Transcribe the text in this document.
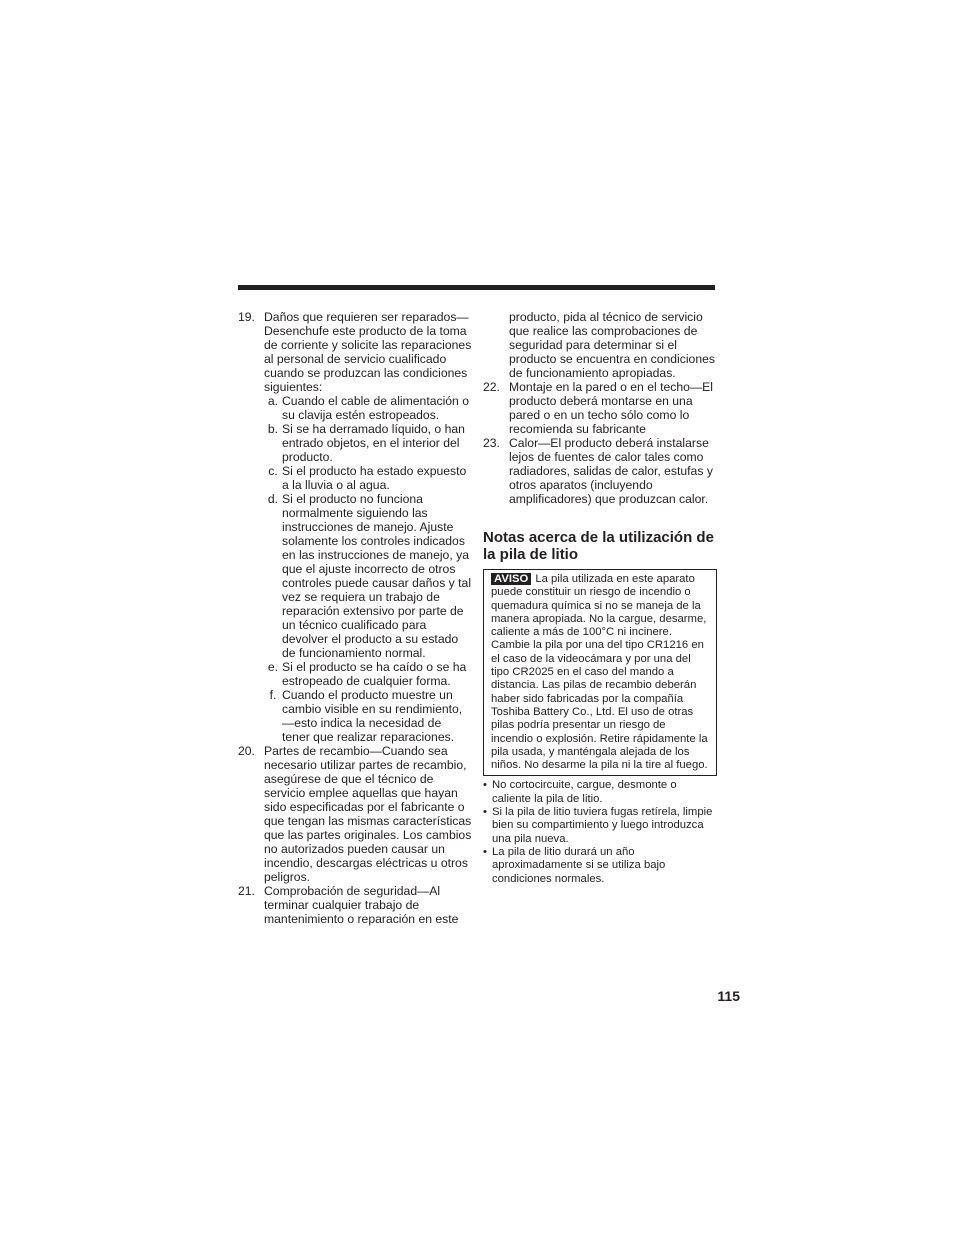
19. Daños que requieren ser reparados—Desenchufe este producto de la toma de corriente y solicite las reparaciones al personal de servicio cualificado cuando se produzcan las condiciones siguientes:
a. Cuando el cable de alimentación o su clavija estén estropeados.
b. Si se ha derramado líquido, o han entrado objetos, en el interior del producto.
c. Si el producto ha estado expuesto a la lluvia o al agua.
d. Si el producto no funciona normalmente siguiendo las instrucciones de manejo. Ajuste solamente los controles indicados en las instrucciones de manejo, ya que el ajuste incorrecto de otros controles puede causar daños y tal vez se requiera un trabajo de reparación extensivo por parte de un técnico cualificado para devolver el producto a su estado de funcionamiento normal.
e. Si el producto se ha caído o se ha estropeado de cualquier forma.
f. Cuando el producto muestre un cambio visible en su rendimiento,—esto indica la necesidad de tener que realizar reparaciones.
20. Partes de recambio—Cuando sea necesario utilizar partes de recambio, asegúrese de que el técnico de servicio emplee aquellas que hayan sido especificadas por el fabricante o que tengan las mismas características que las partes originales. Los cambios no autorizados pueden causar un incendio, descargas eléctricas u otros peligros.
21. Comprobación de seguridad—Al terminar cualquier trabajo de mantenimiento o reparación en este
producto, pida al técnico de servicio que realice las comprobaciones de seguridad para determinar si el producto se encuentra en condiciones de funcionamiento apropiadas.
22. Montaje en la pared o en el techo—El producto deberá montarse en una pared o en un techo sólo como lo recomienda su fabricante
23. Calor—El producto deberá instalarse lejos de fuentes de calor tales como radiadores, salidas de calor, estufas y otros aparatos (incluyendo amplificadores) que produzcan calor.
Notas acerca de la utilización de la pila de litio
AVISO La pila utilizada en este aparato puede constituir un riesgo de incendio o quemadura química si no se maneja de la manera apropiada. No la cargue, desarme, caliente a más de 100°C ni incinere. Cambie la pila por una del tipo CR1216 en el caso de la videocámara y por una del tipo CR2025 en el caso del mando a distancia. Las pilas de recambio deberán haber sido fabricadas por la compañía Toshiba Battery Co., Ltd. El uso de otras pilas podría presentar un riesgo de incendio o explosión. Retire rápidamente la pila usada, y manténgala alejada de los niños. No desarme la pila ni la tire al fuego.
• No cortocircuite, cargue, desmonte o caliente la pila de litio.
• Si la pila de litio tuviera fugas retírela, limpie bien su compartimiento y luego introduzca una pila nueva.
• La pila de litio durará un año aproximadamente si se utiliza bajo condiciones normales.
115
